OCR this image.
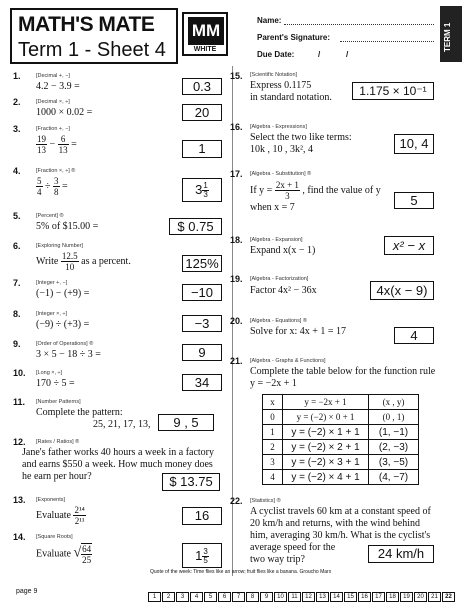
MATH'S MATE
Term 1 - Sheet 4
MM
WHITE
Name:
Parent's Signature:
Due Date:	/	/
TERM 1
1.	[Decimal +, −]
4.2 − 3.9 =	0.3
2.	[Decimal ×, ÷]
1000 × 0.02 =	20
3.	[Fraction +, −]
$\frac{19}{13} - \frac{6}{13}$ =	1
4.	[Fraction ×, ÷] ®
$\frac{5}{4} \div \frac{3}{8}$ =	$3 \frac{1}{3}$
5.	[Percent] ®
5% of $15.00 =	$ 0.75
6.	[Exploring Number]
Write $\frac{12.5}{10}$ as a percent.	125%
7.	[Integer +, −]
(−1) − (+9) =	−10
8.	[Integer ×, ÷]
(−9) ÷ (+3) =	−3
9.	[Order of Operations] ®
3 × 5 − 18 ÷ 3 =	9
10. [Long ×, ÷]
170 ÷ 5 =	34
11. [Number Patterns]
Complete the pattern:
25, 21, 17, 13,	9 , 5
12. [Rates / Ratios] ®
Jane's father works 40 hours a week in a factory
and earns $550 a week. How much money does
he earn per hour?	$ 13.75
13. [Exponents]
Evaluate $\frac{\text{2¹⁴}}{\text{2¹¹}}$	16
14. [Square Roots]
Evaluate √ $\frac{64}{25}$	$1 \frac{3}{5}$
15. [Scientific Notation]
Express 0.1175
in standard notation.	1.175 × 10⁻¹
16. [Algebra - Expressions]
Select the two like terms:
10k , 10 , 3k², 4	10, 4
17. [Algebra - Substitution] ®
If $y = \frac{2x + 1}{3}$ , find the value of y
when x = 7	5
18. [Algebra - Expansion]
Expand x(x − 1)	x² − x
19. [Algebra - Factorization]
Factor 4x² − 36x	4x(x − 9)
20. [Algebra - Equations] ®
Solve for x: 4x + 1 = 17	4
21. [Algebra - Graphs & Functions]
Complete the table below for the function rule
y = −2x + 1
x	y = −2x + 1	(x , y)
0	y = (−2) × 0 + 1	(0 , 1)
1	y = (−2) × 1 + 1	(1, −1)
2	y = (−2) × 2 + 1	(2, −3)
3	y = (−2) × 3 + 1	(3, −5)
4	y = (−2) × 4 + 1	(4, −7)
22. [Statistics] ®
A cyclist travels 60 km at a constant speed of
20 km/h and returns, with the wind behind
him, averaging 30 km/h. What is the cyclist's
average speed for the
two way trip?	24 km/h
Quote of the week: Time flies like an arrow; fruit flies like a banana. Groucho Marx
page 9
1 2 3 4 5 6 7 8 9 10 11 12 13 14 15 16 17 18 19 20 21 22
